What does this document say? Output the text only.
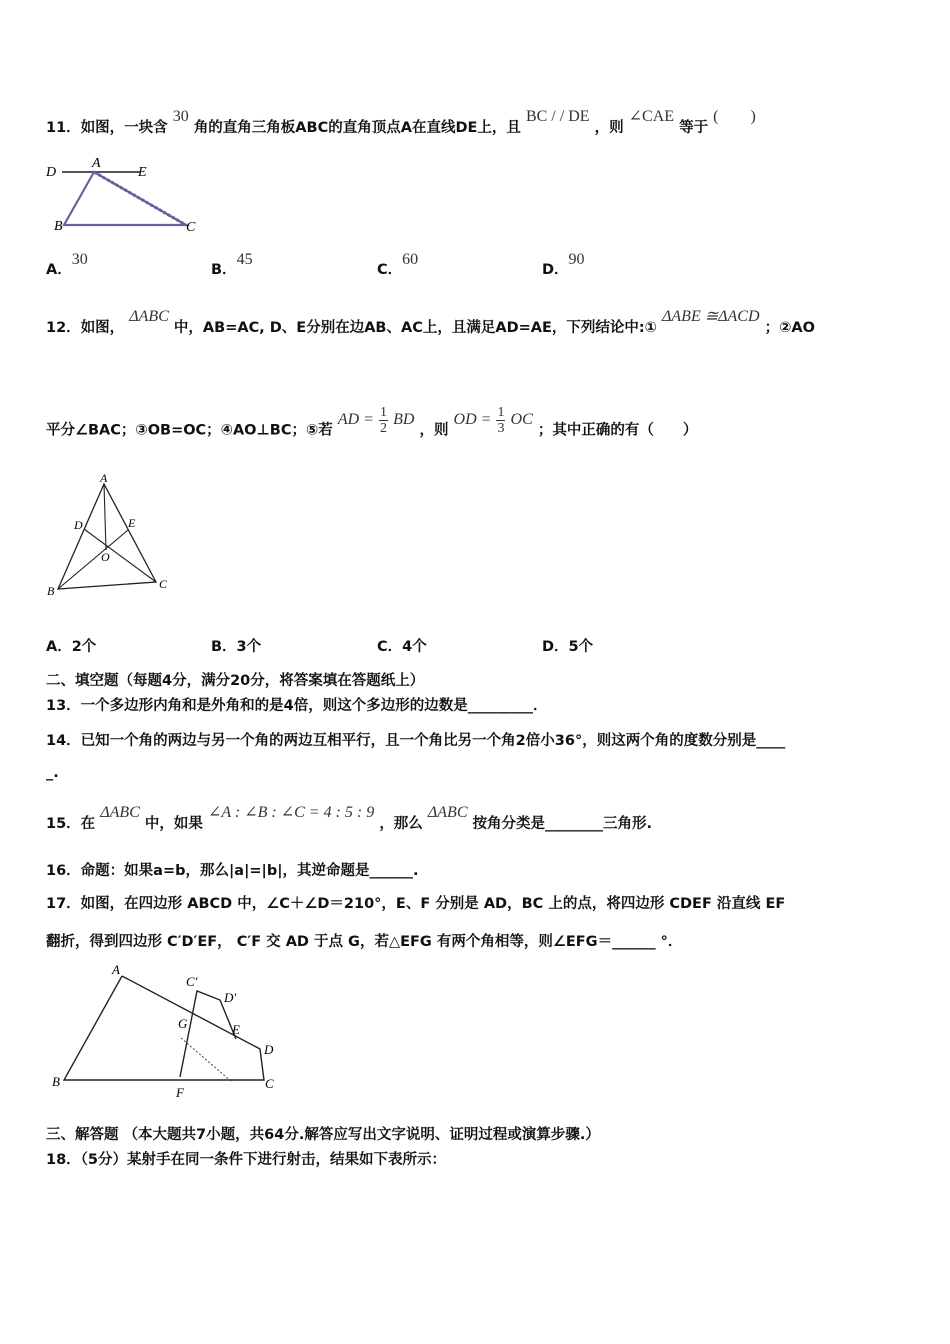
11．如图，一块含 30 角的直角三角板ABC的直角顶点A在直线DE上，且 BC / / DE ，则 ∠CAE 等于 (　　)
D
A
E
B	C
A．30
B．45
C．60
D．90
12．如图， ΔABC 中，AB=AC, D、E分别在边AB、AC上，且满足AD=AE，下列结论中:① ΔABE ≅ΔACD ；②AO
平分∠BAC；③OB=OC；④AO⊥BC；⑤若 AD = $\frac{1}{2}$ BD ，则 OD = $\frac{1}{3}$ OC ；其中正确的有（　　）
A
D	E
O
B	C
A．2个	B．3个	C．4个	D．5个
二、填空题（每题4分，满分20分，将答案填在答题纸上）
13．一个多边形内角和是外角和的是4倍，则这个多边形的边数是_________．
14．已知一个角的两边与另一个角的两边互相平行，且一个角比另一个角2倍小36°，则这两个角的度数分别是____
_.
15．在 ΔABC 中，如果 ∠A : ∠B : ∠C = 4 : 5 : 9 ，那么 ΔABC 按角分类是________三角形.
16．命题：如果a=b，那么|a|=|b|，其逆命题是______.
17．如图，在四边形 ABCD 中，∠C＋∠D＝210°，E、F 分别是 AD，BC 上的点，将四边形 CDEF 沿直线 EF
翻折，得到四边形 C′D′EF， C′F 交 AD 于点 G，若△EFG 有两个角相等，则∠EFG＝______ °．
A
C′
D′
G	E
D
B
F
C
三、解答题 （本大题共7小题，共64分.解答应写出文字说明、证明过程或演算步骤.）
18．（5分）某射手在同一条件下进行射击，结果如下表所示：
